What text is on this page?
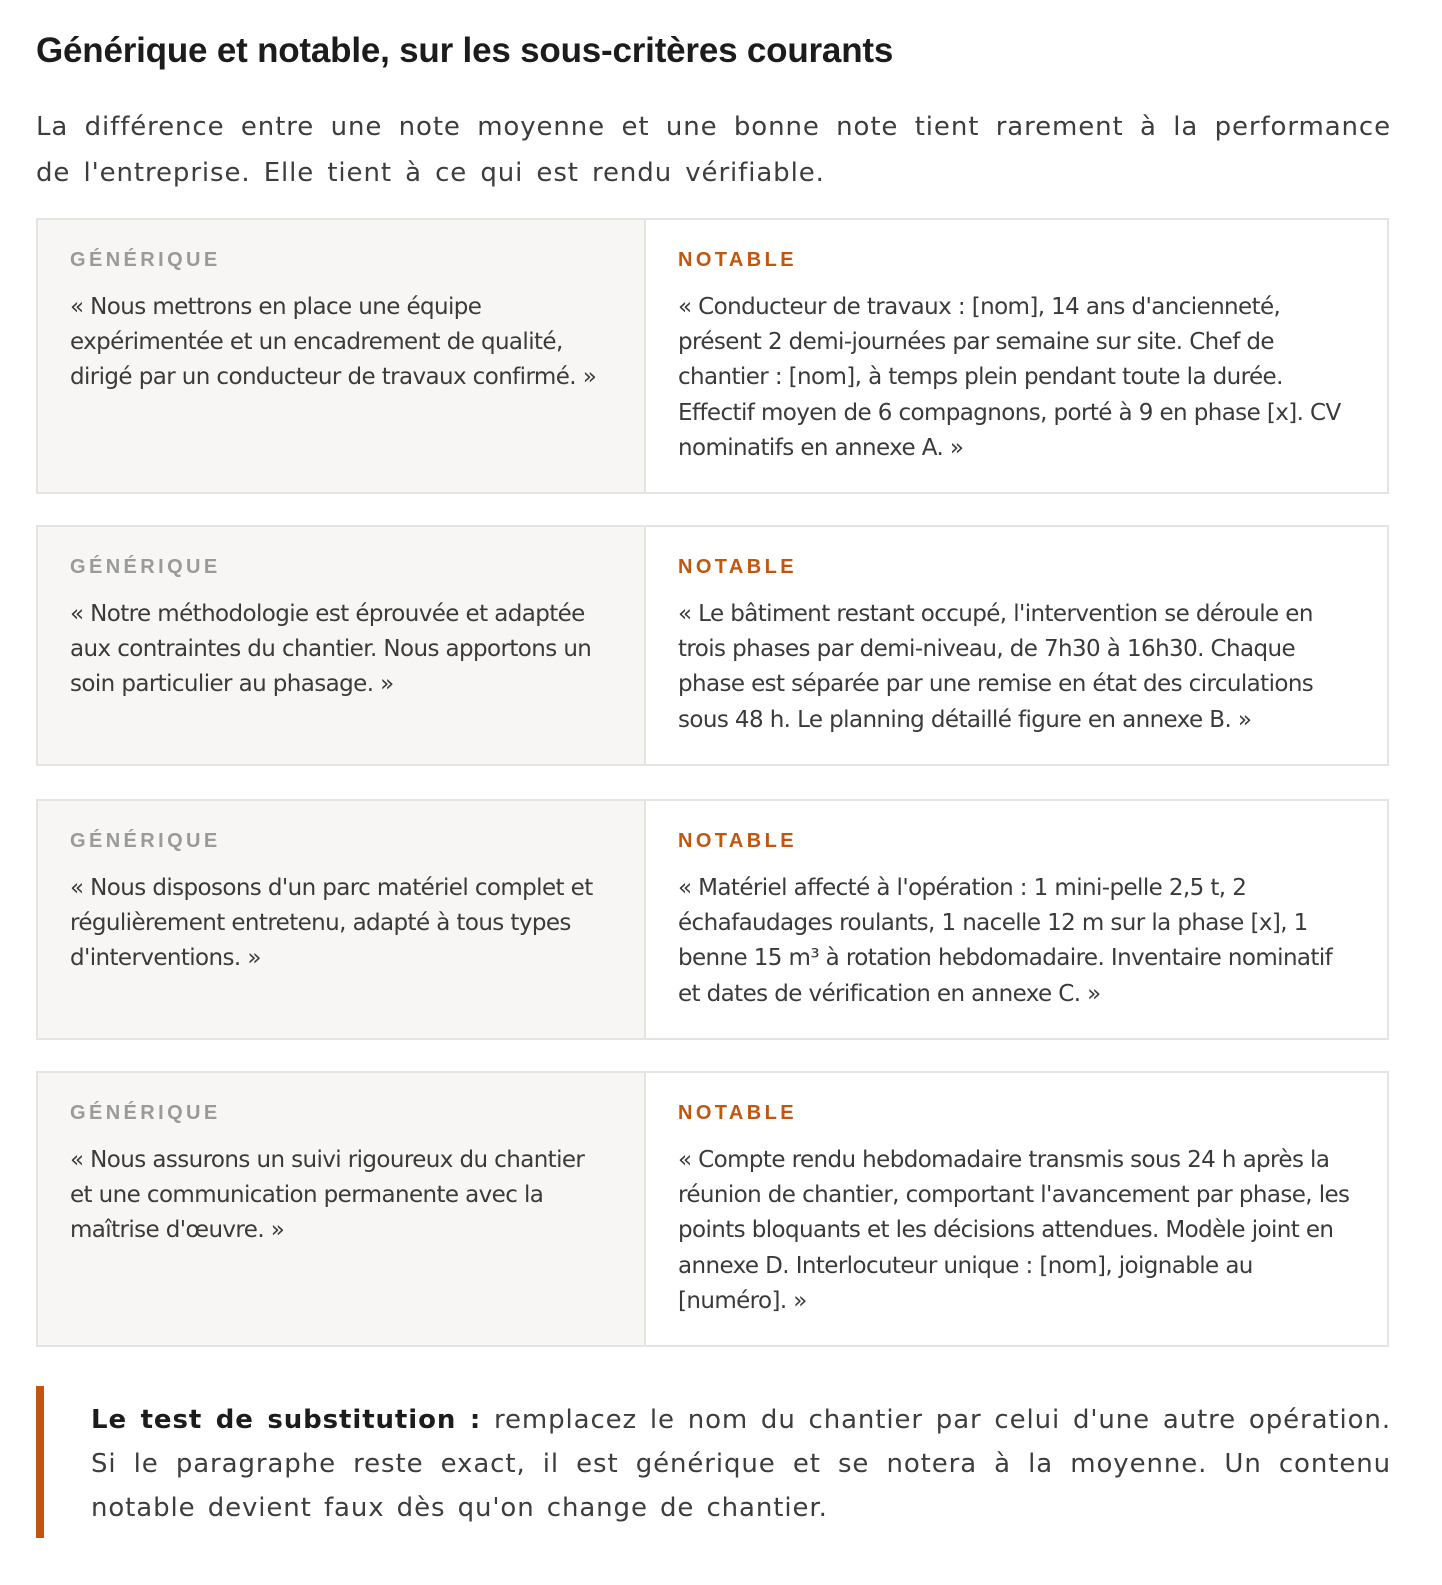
Générique et notable, sur les sous-critères courants

La différence entre une note moyenne et une bonne note tient rarement à la performance de l'entreprise. Elle tient à ce qui est rendu vérifiable.

GÉNÉRIQUE

« Nous mettrons en place une équipe expérimentée et un encadrement de qualité, dirigé par un conducteur de travaux confirmé. »

NOTABLE

« Conducteur de travaux : [nom], 14 ans d'ancienneté, présent 2 demi-journées par semaine sur site. Chef de chantier : [nom], à temps plein pendant toute la durée. Effectif moyen de 6 compagnons, porté à 9 en phase [x]. CV nominatifs en annexe A. »

GÉNÉRIQUE

« Notre méthodologie est éprouvée et adaptée aux contraintes du chantier. Nous apportons un soin particulier au phasage. »

NOTABLE

« Le bâtiment restant occupé, l'intervention se déroule en trois phases par demi-niveau, de 7h30 à 16h30. Chaque phase est séparée par une remise en état des circulations sous 48 h. Le planning détaillé figure en annexe B. »

GÉNÉRIQUE

« Nous disposons d'un parc matériel complet et régulièrement entretenu, adapté à tous types d'interventions. »

NOTABLE

« Matériel affecté à l'opération : 1 mini-pelle 2,5 t, 2 échafaudages roulants, 1 nacelle 12 m sur la phase [x], 1 benne 15 m³ à rotation hebdomadaire. Inventaire nominatif et dates de vérification en annexe C. »

GÉNÉRIQUE

« Nous assurons un suivi rigoureux du chantier et une communication permanente avec la maîtrise d'œuvre. »

NOTABLE

« Compte rendu hebdomadaire transmis sous 24 h après la réunion de chantier, comportant l'avancement par phase, les points bloquants et les décisions attendues. Modèle joint en annexe D. Interlocuteur unique : [nom], joignable au [numéro]. »

Le test de substitution : remplacez le nom du chantier par celui d'une autre opération. Si le paragraphe reste exact, il est générique et se notera à la moyenne. Un contenu notable devient faux dès qu'on change de chantier.
